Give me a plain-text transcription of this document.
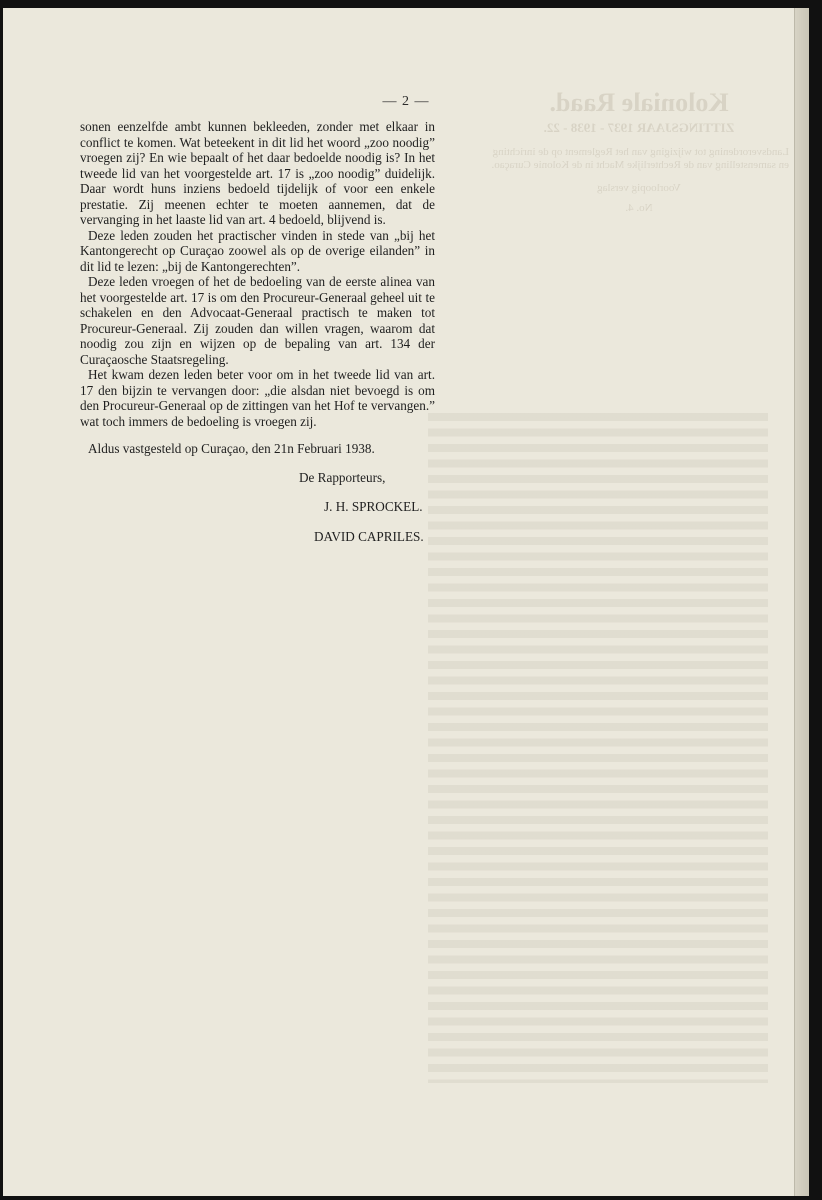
Koloniale Raad.
ZITTINGSJAAR 1937 - 1938 - 22.
Landsverordening tot wijziging van het Reglement op de inrichting en samenstelling van de Rechterlijke Macht in de Kolonie Curaçao.
Voorloopig verslag
No. 4.
— 2 —

sonen eenzelfde ambt kunnen bekleeden, zonder met elkaar in conflict te komen. Wat beteekent in dit lid het woord „zoo noodig” vroegen zij? En wie bepaalt of het daar bedoelde noodig is? In het tweede lid van het voorgestelde art. 17 is „zoo noodig” duidelijk. Daar wordt huns inziens bedoeld tijdelijk of voor een enkele prestatie. Zij meenen echter te moeten aannemen, dat de vervanging in het laaste lid van art. 4 bedoeld, blijvend is.

Deze leden zouden het practischer vinden in stede van „bij het Kantongerecht op Curaçao zoowel als op de overige eilanden” in dit lid te lezen: „bij de Kantongerechten”.

Deze leden vroegen of het de bedoeling van de eerste alinea van het voorgestelde art. 17 is om den Procureur-Generaal geheel uit te schakelen en den Advocaat-Generaal practisch te maken tot Procureur-Generaal. Zij zouden dan willen vragen, waarom dat noodig zou zijn en wijzen op de bepaling van art. 134 der Curaçaosche Staatsregeling.

Het kwam dezen leden beter voor om in het tweede lid van art. 17 den bijzin te vervangen door: „die alsdan niet bevoegd is om den Procureur-Generaal op de zittingen van het Hof te vervangen.” wat toch immers de bedoeling is vroegen zij.

Aldus vastgesteld op Curaçao, den 21n Februari 1938.
De Rapporteurs,
J. H. SPROCKEL.
DAVID CAPRILES.
